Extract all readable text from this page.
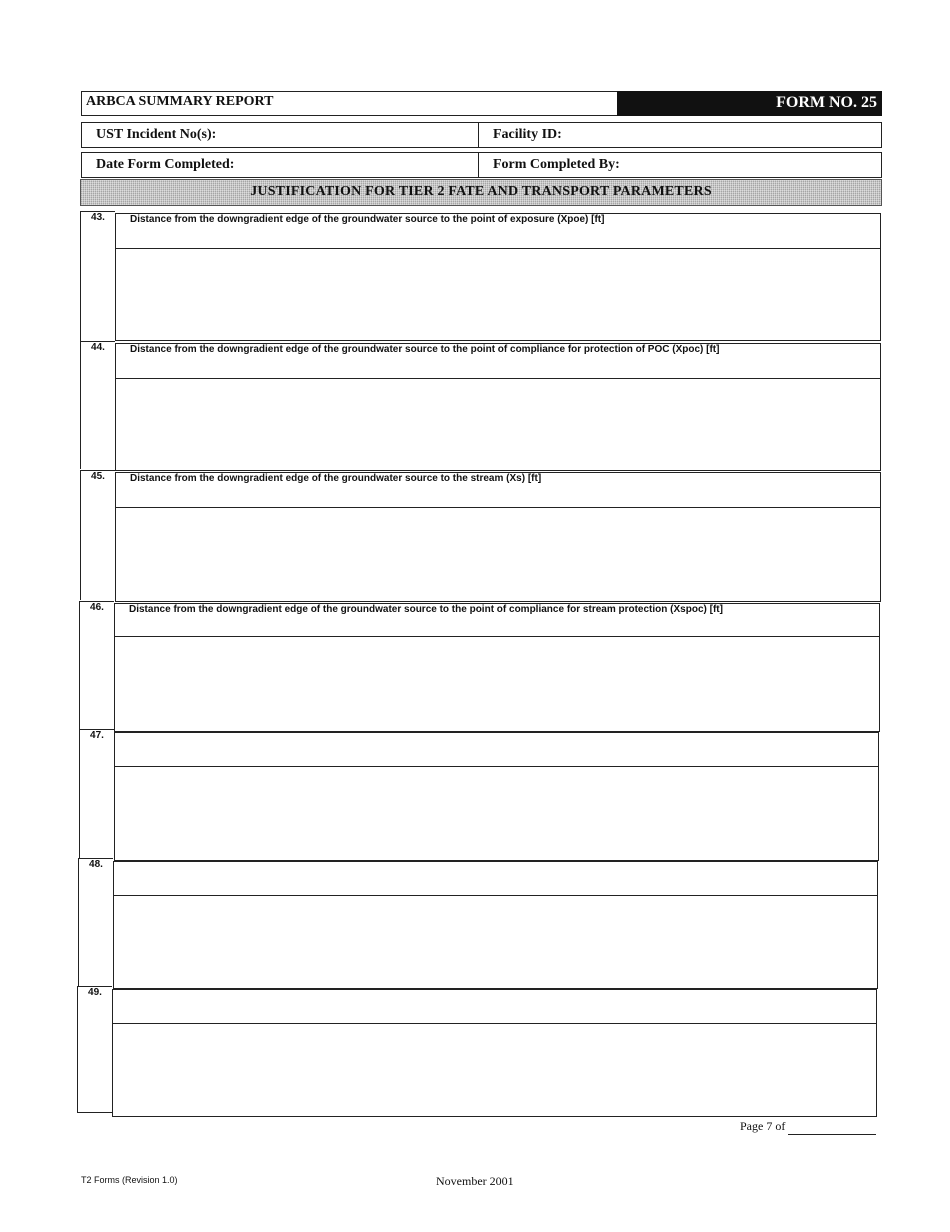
ARBCA SUMMARY REPORT	FORM NO. 25
UST Incident No(s):	Facility ID:
Date Form Completed:	Form Completed By:
JUSTIFICATION FOR TIER 2 FATE AND TRANSPORT PARAMETERS
43.	Distance from the downgradient edge of the groundwater source to the point of exposure (Xpoe) [ft]
44.	Distance from the downgradient edge of the groundwater source to the point of compliance for protection of POC (Xpoc) [ft]
45.	Distance from the downgradient edge of the groundwater source to the stream (Xs) [ft]
46.	Distance from the downgradient edge of the groundwater source to the point of compliance for stream protection (Xspoc) [ft]
47.
48.
49.
Page 7 of
T2 Forms (Revision 1.0)	November 2001
